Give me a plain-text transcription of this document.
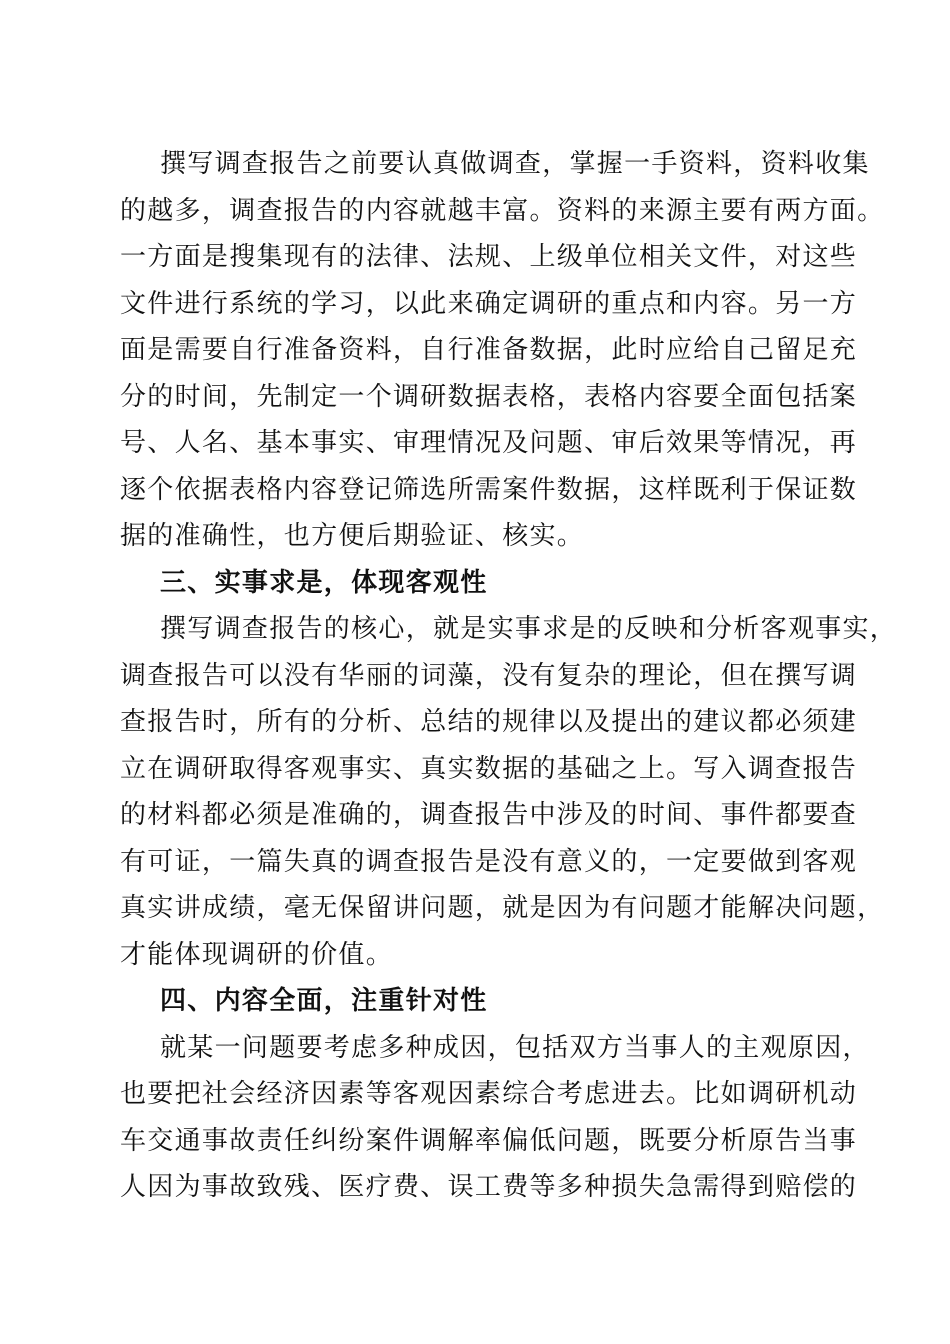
撰写调查报告之前要认真做调查，掌握一手资料，资料收集
的越多，调查报告的内容就越丰富。资料的来源主要有两方面。
一方面是搜集现有的法律、法规、上级单位相关文件，对这些
文件进行系统的学习，以此来确定调研的重点和内容。另一方
面是需要自行准备资料，自行准备数据，此时应给自己留足充
分的时间，先制定一个调研数据表格，表格内容要全面包括案
号、人名、基本事实、审理情况及问题、审后效果等情况，再
逐个依据表格内容登记筛选所需案件数据，这样既利于保证数
据的准确性，也方便后期验证、核实。
三、实事求是，体现客观性
撰写调查报告的核心，就是实事求是的反映和分析客观事实，
调查报告可以没有华丽的词藻，没有复杂的理论，但在撰写调
查报告时，所有的分析、总结的规律以及提出的建议都必须建
立在调研取得客观事实、真实数据的基础之上。写入调查报告
的材料都必须是准确的，调查报告中涉及的时间、事件都要查
有可证，一篇失真的调查报告是没有意义的，一定要做到客观
真实讲成绩，毫无保留讲问题，就是因为有问题才能解决问题，
才能体现调研的价值。
四、内容全面，注重针对性
就某一问题要考虑多种成因，包括双方当事人的主观原因，
也要把社会经济因素等客观因素综合考虑进去。比如调研机动
车交通事故责任纠纷案件调解率偏低问题，既要分析原告当事
人因为事故致残、医疗费、误工费等多种损失急需得到赔偿的
